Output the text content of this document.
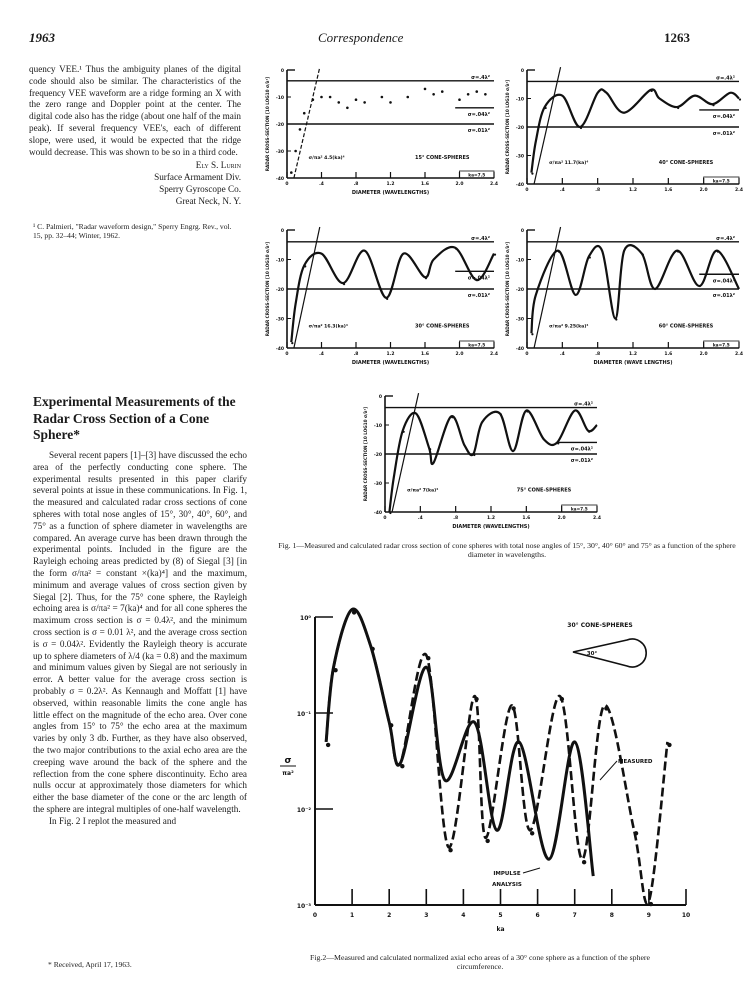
1963	Correspondence	1263

quency VEE.¹ Thus the ambiguity planes of the digital code should also be similar. The characteristics of the frequency VEE waveform are a ridge forming an X with the zero range and Doppler point at the center. The digital code also has the ridge (about one half of the main peak). If several frequency VEE's, each of different slope, were used, it would be expected that the ridge would decrease. This was shown to be so in a third code.

Ely S. Lurin
Surface Armament Div.
Sperry Gyroscope Co.
Great Neck, N. Y.
¹ C. Palmieri, "Radar waveform design," Sperry Engrg. Rev., vol. 15, pp. 32–44; Winter, 1962.
Experimental Measurements of the Radar Cross Section of a Cone Sphere*

Several recent papers [1]–[3] have discussed the echo area of the perfectly conducting cone sphere. The experimental results presented in this paper clarify several points at issue in these communications. In Fig. 1, the measured and calculated radar cross sections of cone spheres with total nose angles of 15°, 30°, 40°, 60°, and 75° as a function of sphere diameter in wavelengths are compared. An average curve has been drawn through the experimental points. Included in the figure are the Rayleigh echoing areas predicted by (8) of Siegal [3] [in the form σ/πa² = constant ×(ka)⁴] and the maximum, minimum and average values of cross section given by Siegal [2]. Thus, for the 75° cone sphere, the Rayleigh echoing area is σ/πa² = 7(ka)⁴ and for all cone spheres the maximum cross section is σ = 0.4λ², and the minimum cross section is σ = 0.01 λ², and the average cross section is σ = 0.04λ². Evidently the Rayleigh theory is accurate up to sphere diameters of λ/4 (ka = 0.8) and the maximum and minimum values given by Siegal are not seriously in error. A better value for the average cross section is probably σ = 0.2λ². As Kennaugh and Moffatt [1] have observed, within reasonable limits the cone angle has little effect on the magnitude of the echo area. Over cone angles from 15° to 75° the echo area at the maximum varies by only 3 db. Further, as they have also observed, the two major contributions to the axial echo area are the creeping wave around the back of the sphere and the reflection from the cone sphere discontinuity. Echo area nulls occur at approximately those diameters for which either the base diameter of the cone or the arc length of the sphere are integral multiples of one-half wavelength.

In Fig. 2 I replot the measured and

* Received, April 17, 1963.
0
-10
-20
-30
-40
0	.4	.8	1.2	1.6	2.0	2.4
σ=.4λ²
σ=.04λ²
σ=.01λ²
σ/πa² 4.5(ka)⁴	15° CONE-SPHERES
ka=7.5
RADAR CROSS-SECTION [10 LOG10 σ/λ²]
DIAMETER (WAVELENGTHS)
0
-10
-20
-30
-40
0	.4	.8	1.2	1.6	2.0	2.4
σ=.4λ²
σ=.04λ²
σ=.01λ²
σ/πa² 11.7(ka)⁴	40° CONE-SPHERES
ka=7.5
RADAR CROSS-SECTION [10 LOG10 σ/λ²]
0
-10
-20
-30
-40
0	.4	.8	1.2	1.6	2.0	2.4
σ=.4λ²
σ=.04λ²
σ=.01λ²
σ/πa² 16.3(ka)⁴	30° CONE-SPHERES
ka=7.5
RADAR CROSS-SECTION [10 LOG10 σ/λ²]
DIAMETER (WAVELENGTHS)
0
-10
-20
-30
-40
0	.4	.8	1.2	1.6	2.0	2.4
σ=.4λ²
σ=.04λ²
σ=.01λ²
σ/πa² 9.25(ka)⁴	60° CONE-SPHERES
ka=7.5
RADAR CROSS-SECTION [10 LOG10 σ/λ²]
DIAMETER (WAVE LENGTHS)
0
-10
-20
-30
-40
0	.4	.8	1.2	1.6	2.0	2.4
σ=.4λ²
σ=.04λ²
σ=.01λ²
σ/πa² 7(ka)⁴	75° CONE-SPHERES
ka=7.5
RADAR CROSS-SECTION [10 LOG10 σ/λ²]
DIAMETER (WAVELENGTHS)
Fig. 1—Measured and calculated radar cross section of cone spheres with total nose angles of 15°, 30°, 40° 60° and 75° as a function of the sphere diameter in wavelengths.
10⁰
10⁻¹
10⁻²
10⁻³
0	1	2	3	4	5	6	7	8	9	10
30° CONE-SPHERES
30°
MEASURED
IMPULSE
ANALYSIS
ka
σ
πa²
Fig.2—Measured and calculated normalized axial echo areas of a 30° cone sphere as a function of the sphere circumference.
